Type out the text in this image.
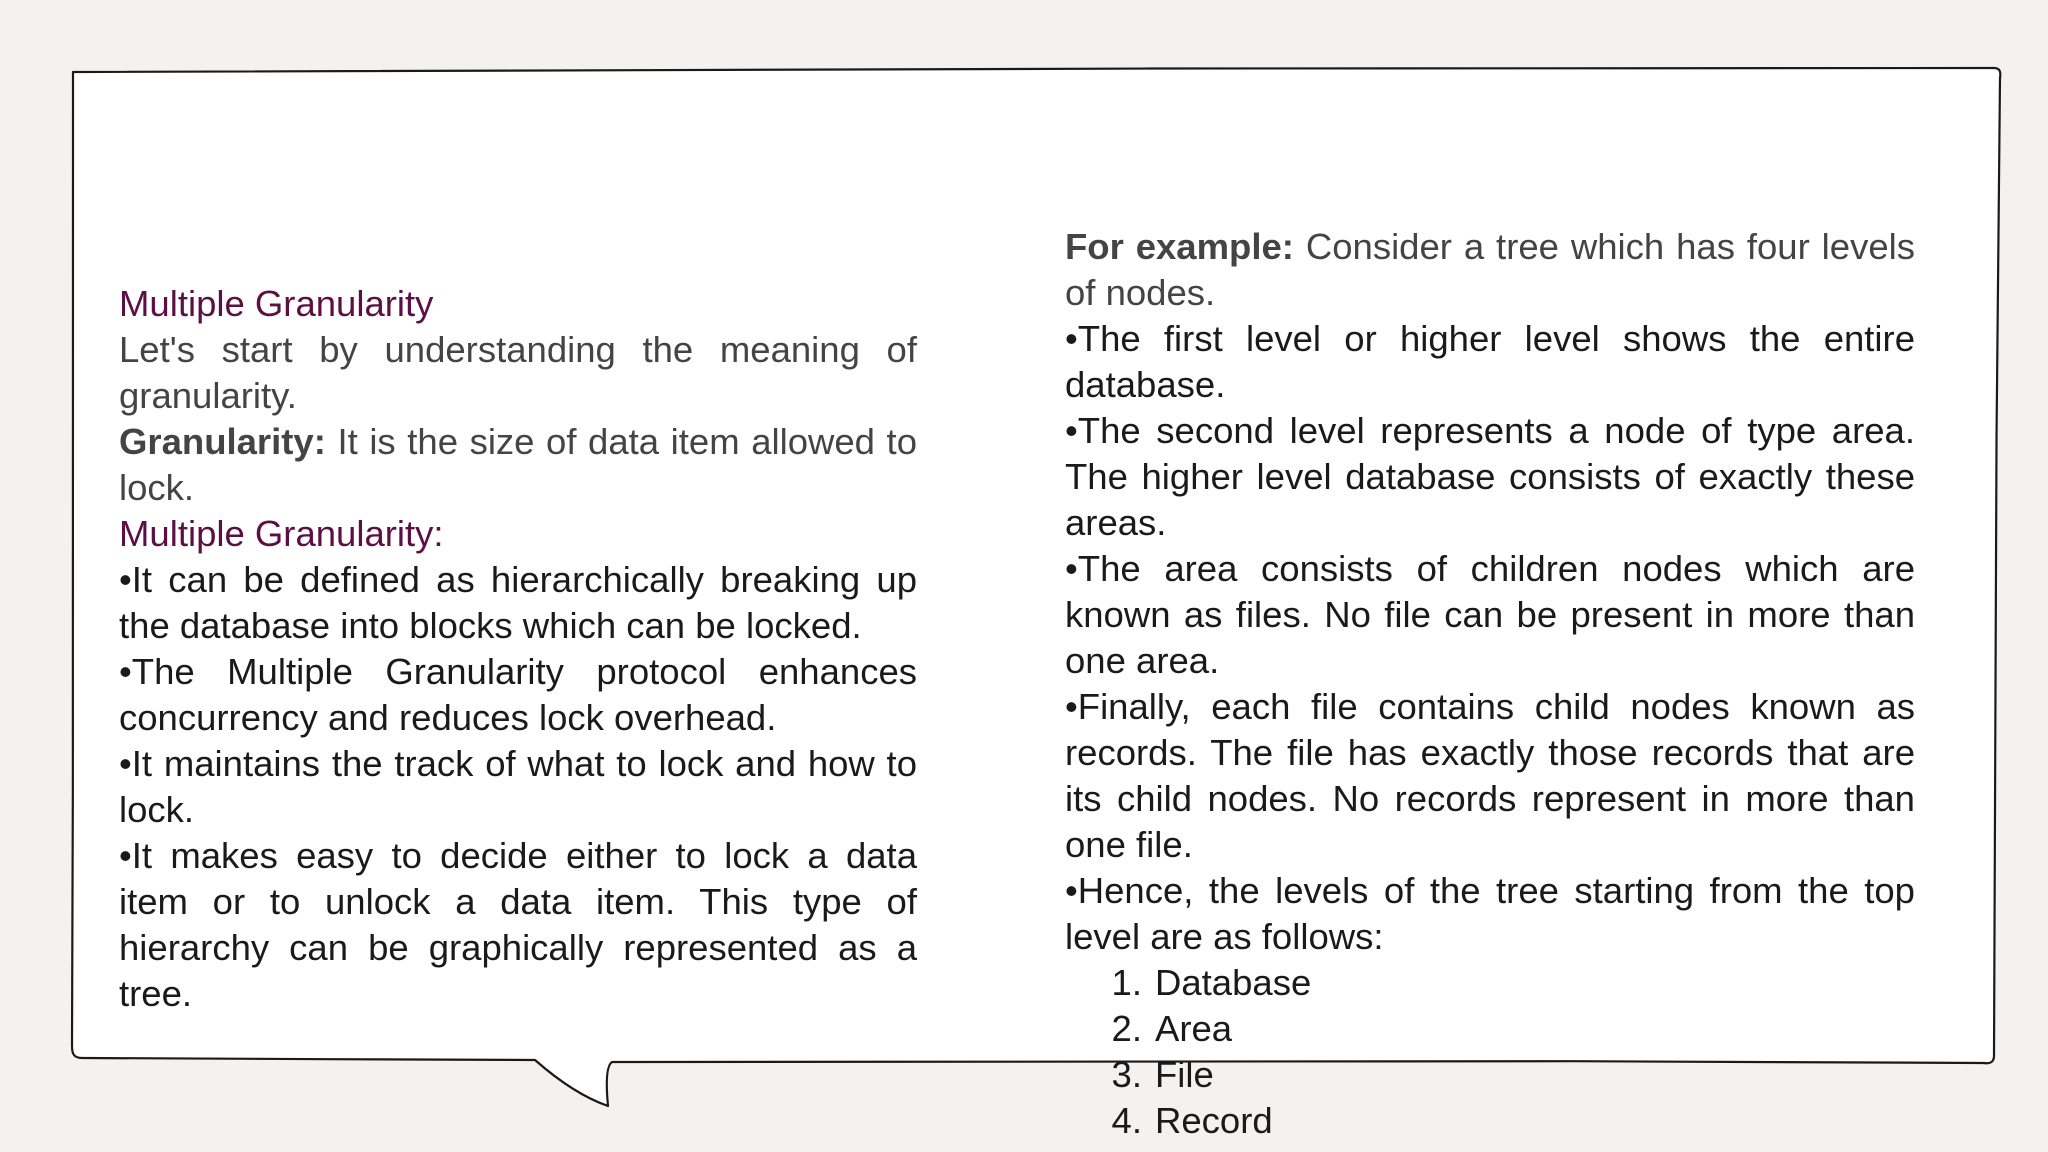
Multiple Granularity

Let's start by understanding the meaning of granularity.

Granularity: It is the size of data item allowed to lock.

Multiple Granularity:

•It can be defined as hierarchically breaking up the database into blocks which can be locked.

•The Multiple Granularity protocol enhances concurrency and reduces lock overhead.

•It maintains the track of what to lock and how to lock.

•It makes easy to decide either to lock a data item or to unlock a data item. This type of hierarchy can be graphically represented as a tree.

For example: Consider a tree which has four levels of nodes.

•The first level or higher level shows the entire database.

•The second level represents a node of type area. The higher level database consists of exactly these areas.

•The area consists of children nodes which are known as files. No file can be present in more than one area.

•Finally, each file contains child nodes known as records. The file has exactly those records that are its child nodes. No records represent in more than one file.

•Hence, the levels of the tree starting from the top level are as follows:

1. Database
2. Area
3. File
4. Record
